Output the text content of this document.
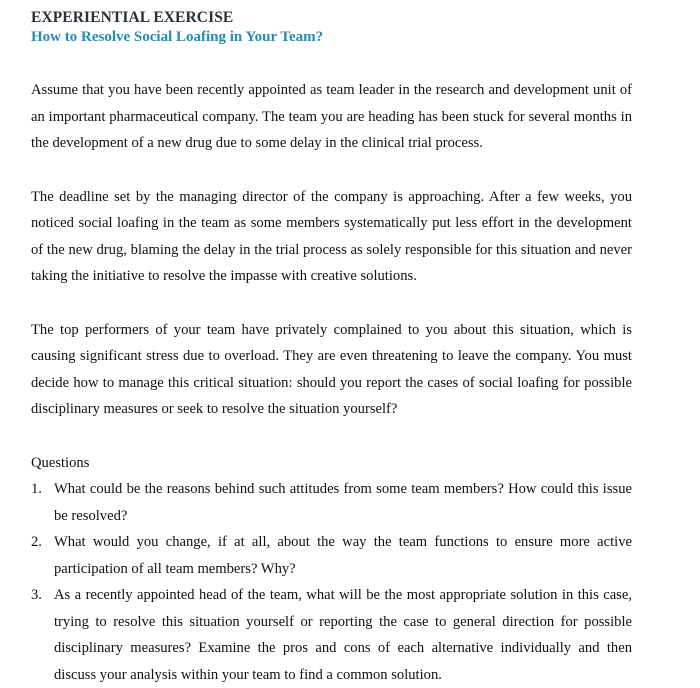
EXPERIENTIAL EXERCISE
How to Resolve Social Loafing in Your Team?

Assume that you have been recently appointed as team leader in the research and development unit of an important pharmaceutical company. The team you are heading has been stuck for several months in the development of a new drug due to some delay in the clinical trial process.

The deadline set by the managing director of the company is approaching. After a few weeks, you noticed social loafing in the team as some members systematically put less effort in the development of the new drug, blaming the delay in the trial process as solely responsible for this situation and never taking the initiative to resolve the impasse with creative solutions.

The top performers of your team have privately complained to you about this situation, which is causing significant stress due to overload. They are even threatening to leave the company. You must decide how to manage this critical situation: should you report the cases of social loafing for possible disciplinary measures or seek to resolve the situation yourself?

Questions
1. What could be the reasons behind such attitudes from some team members? How could this issue be resolved?
2. What would you change, if at all, about the way the team functions to ensure more active participation of all team members? Why?
3. As a recently appointed head of the team, what will be the most appropriate solution in this case, trying to resolve this situation yourself or reporting the case to general direction for possible disciplinary measures? Examine the pros and cons of each alternative individually and then discuss your analysis within your team to find a common solution.
